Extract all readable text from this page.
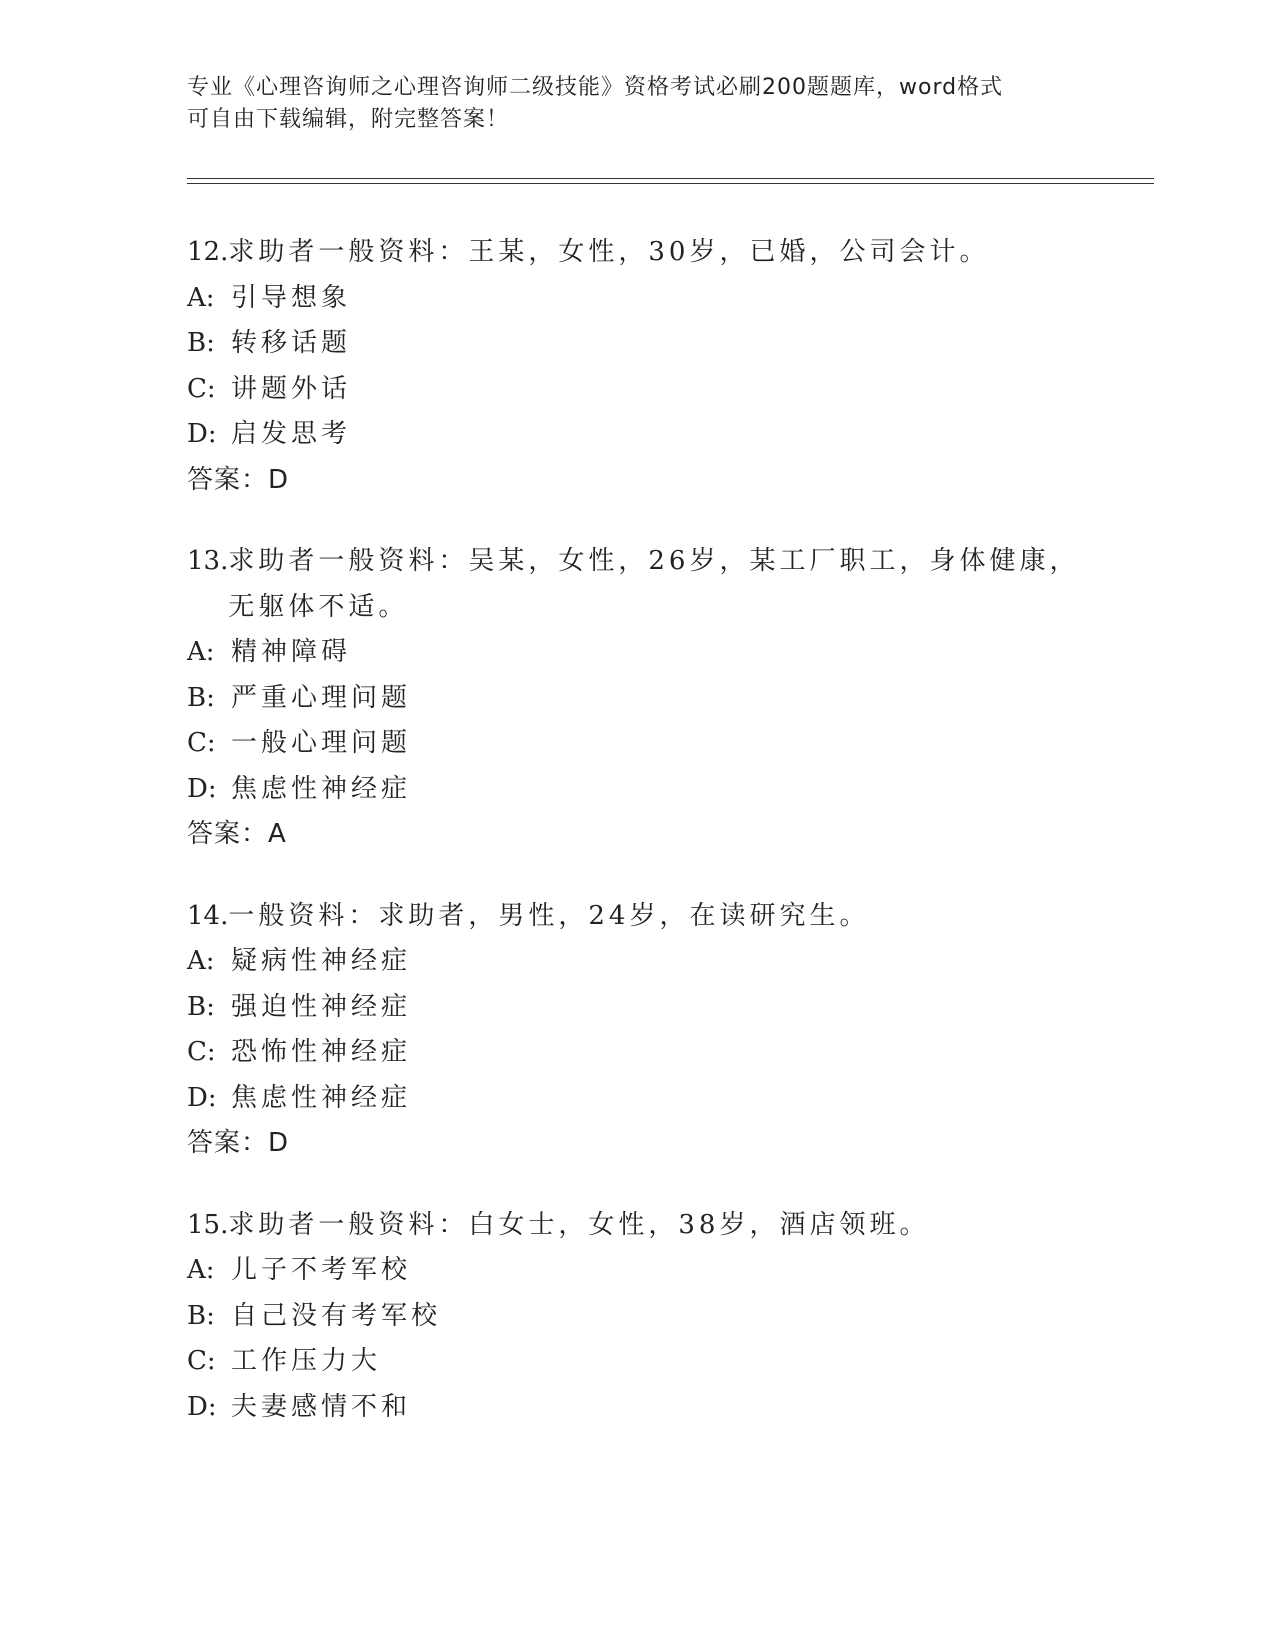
专业《心理咨询师之心理咨询师二级技能》资格考试必刷200题题库，word格式
可自由下载编辑，附完整答案！
12. 求助者一般资料：王某，女性，30岁，已婚，公司会计。
A: 引导想象
B: 转移话题
C: 讲题外话
D: 启发思考
答案：D
13. 求助者一般资料：吴某，女性，26岁，某工厂职工，身体健康，无躯体不适。
A: 精神障碍
B: 严重心理问题
C: 一般心理问题
D: 焦虑性神经症
答案：A
14. 一般资料：求助者，男性，24岁，在读研究生。
A: 疑病性神经症
B: 强迫性神经症
C: 恐怖性神经症
D: 焦虑性神经症
答案：D
15. 求助者一般资料：白女士，女性，38岁，酒店领班。
A: 儿子不考军校
B: 自己没有考军校
C: 工作压力大
D: 夫妻感情不和
